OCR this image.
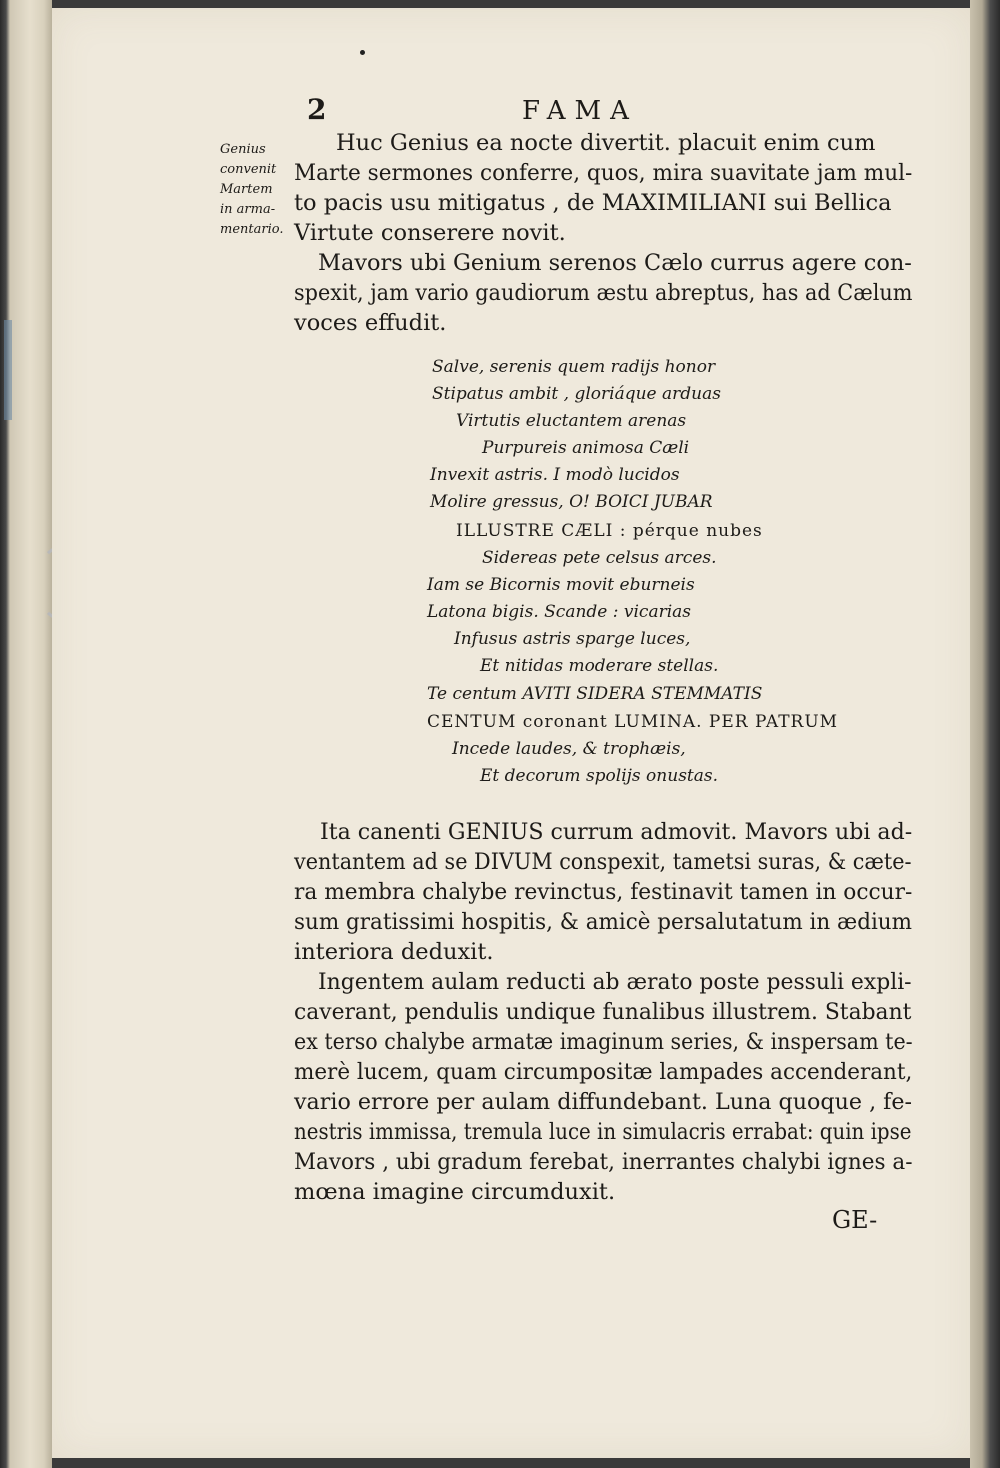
2	FAMA
Genius
convenit
Martem
in arma-
mentario.
Huc Genius ea nocte divertit. placuit enim cum
Marte sermones conferre, quos, mira suavitate jam mul-
to pacis usu mitigatus , de MAXIMILIANI sui Bellica
Virtute conserere novit.
Mavors ubi Genium serenos Cælo currus agere con-
spexit, jam vario gaudiorum æstu abreptus, has ad Cælum
voces effudit.
Salve, serenis quem radijs honor
Stipatus ambit , gloriáque arduas
Virtutis eluctantem arenas
Purpureis animosa Cæli
Invexit astris. I modò lucidos
Molire gressus, O! BOICI JUBAR
ILLUSTRE CÆLI : pérque nubes
Sidereas pete celsus arces.
Iam se Bicornis movit eburneis
Latona bigis. Scande : vicarias
Infusus astris sparge luces,
Et nitidas moderare stellas.
Te centum AVITI SIDERA STEMMATIS
CENTUM coronant LUMINA. PER PATRUM
Incede laudes, & trophæis,
Et decorum spolijs onustas.
Ita canenti GENIUS currum admovit. Mavors ubi ad-
ventantem ad se DIVUM conspexit, tametsi suras, & cæte-
ra membra chalybe revinctus, festinavit tamen in occur-
sum gratissimi hospitis, & amicè persalutatum in ædium
interiora deduxit.
Ingentem aulam reducti ab ærato poste pessuli expli-
caverant, pendulis undique funalibus illustrem. Stabant
ex terso chalybe armatæ imaginum series, & inspersam te-
merè lucem, quam circumpositæ lampades accenderant,
vario errore per aulam diffundebant. Luna quoque , fe-
nestris immissa, tremula luce in simulacris errabat: quin ipse
Mavors , ubi gradum ferebat, inerrantes chalybi ignes a-
mœna imagine circumduxit.
GE-
